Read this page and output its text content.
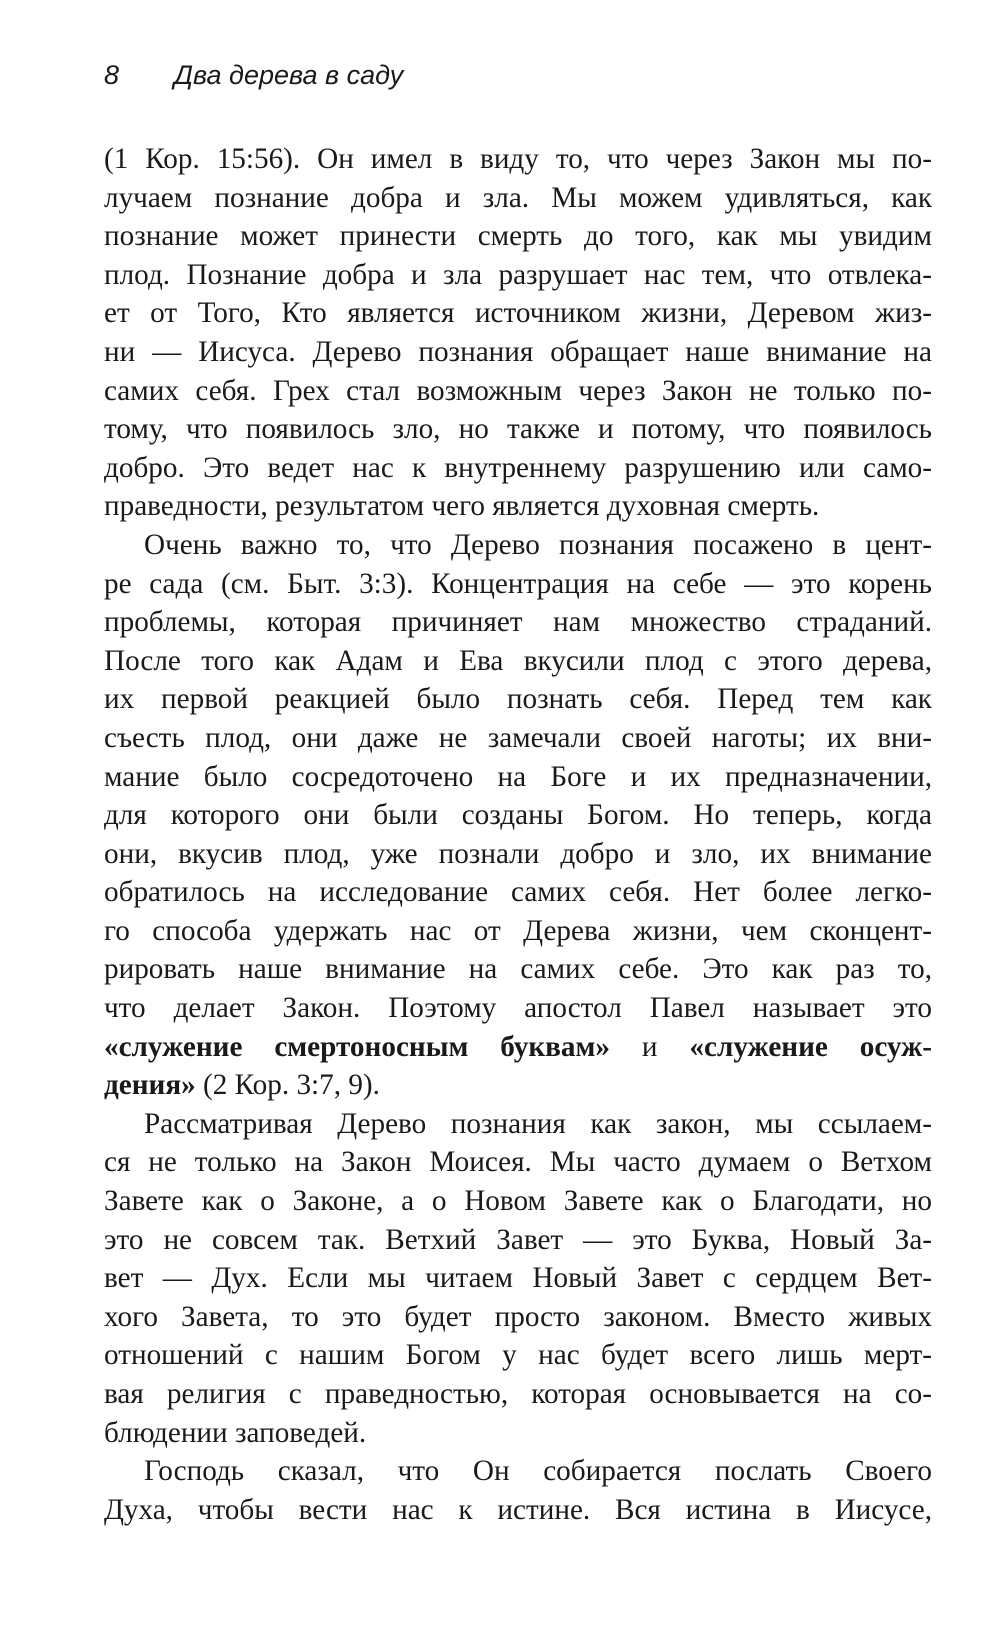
8 Два дерева в саду
(1 Кор. 15:56). Он имел в виду то, что через Закон мы по-
лучаем познание добра и зла. Мы можем удивляться, как
познание может принести смерть до того, как мы увидим
плод. Познание добра и зла разрушает нас тем, что отвлека-
ет от Того, Кто является источником жизни, Деревом жиз-
ни — Иисуса. Дерево познания обращает наше внимание на
самих себя. Грех стал возможным через Закон не только по-
тому, что появилось зло, но также и потому, что появилось
добро. Это ведет нас к внутреннему разрушению или само-
праведности, результатом чего является духовная смерть.
Очень важно то, что Дерево познания посажено в цент-
ре сада (см. Быт. 3:3). Концентрация на себе — это корень
проблемы, которая причиняет нам множество страданий.
После того как Адам и Ева вкусили плод с этого дерева,
их первой реакцией было познать себя. Перед тем как
съесть плод, они даже не замечали своей наготы; их вни-
мание было сосредоточено на Боге и их предназначении,
для которого они были созданы Богом. Но теперь, когда
они, вкусив плод, уже познали добро и зло, их внимание
обратилось на исследование самих себя. Нет более легко-
го способа удержать нас от Дерева жизни, чем сконцент-
рировать наше внимание на самих себе. Это как раз то,
что делает Закон. Поэтому апостол Павел называет это
«служение смертоносным буквам» и «служение осуж-
дения» (2 Кор. 3:7, 9).
Рассматривая Дерево познания как закон, мы ссылаем-
ся не только на Закон Моисея. Мы часто думаем о Ветхом
Завете как о Законе, а о Новом Завете как о Благодати, но
это не совсем так. Ветхий Завет — это Буква, Новый За-
вет — Дух. Если мы читаем Новый Завет с сердцем Вет-
хого Завета, то это будет просто законом. Вместо живых
отношений с нашим Богом у нас будет всего лишь мерт-
вая религия с праведностью, которая основывается на со-
блюдении заповедей.
Господь сказал, что Он собирается послать Своего
Духа, чтобы вести нас к истине. Вся истина в Иисусе,
